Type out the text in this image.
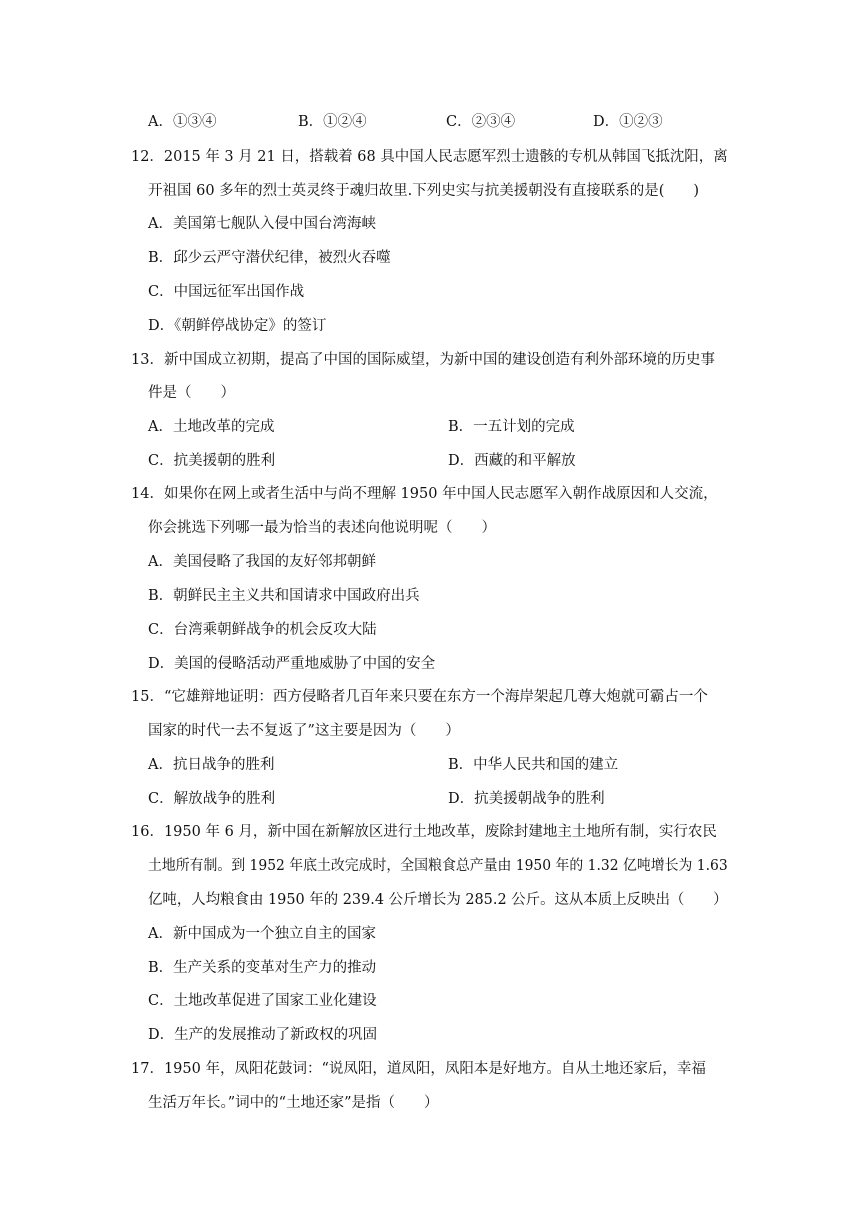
A．①③④	B．①②④	C．②③④	D．①②③
12．2015 年 3 月 21 日，搭载着 68 具中国人民志愿军烈士遗骸的专机从韩国飞抵沈阳，离
开祖国 60 多年的烈士英灵终于魂归故里.下列史实与抗美援朝没有直接联系的是(　　)
A．美国第七舰队入侵中国台湾海峡
B．邱少云严守潜伏纪律，被烈火吞噬
C．中国远征军出国作战
D．《朝鲜停战协定》的签订
13．新中国成立初期，提高了中国的国际威望，为新中国的建设创造有利外部环境的历史事
件是（　　）
A．土地改革的完成	B．一五计划的完成
C．抗美援朝的胜利	D．西藏的和平解放
14．如果你在网上或者生活中与尚不理解 1950 年中国人民志愿军入朝作战原因和人交流，
你会挑选下列哪一最为恰当的表述向他说明呢（　　）
A．美国侵略了我国的友好邻邦朝鲜
B．朝鲜民主主义共和国请求中国政府出兵
C．台湾乘朝鲜战争的机会反攻大陆
D．美国的侵略活动严重地威胁了中国的安全
15．“它雄辩地证明：西方侵略者几百年来只要在东方一个海岸架起几尊大炮就可霸占一个
国家的时代一去不复返了”这主要是因为（　　）
A．抗日战争的胜利	B．中华人民共和国的建立
C．解放战争的胜利	D．抗美援朝战争的胜利
16．1950 年 6 月，新中国在新解放区进行土地改革，废除封建地主土地所有制，实行农民
土地所有制。到 1952 年底土改完成时，全国粮食总产量由 1950 年的 1.32 亿吨增长为 1.63
亿吨，人均粮食由 1950 年的 239.4 公斤增长为 285.2 公斤。这从本质上反映出（　　）
A．新中国成为一个独立自主的国家
B．生产关系的变革对生产力的推动
C．土地改革促进了国家工业化建设
D．生产的发展推动了新政权的巩固
17．1950 年，凤阳花鼓词：“说凤阳，道凤阳，凤阳本是好地方。自从土地还家后，幸福
生活万年长。”词中的“土地还家”是指（　　）
